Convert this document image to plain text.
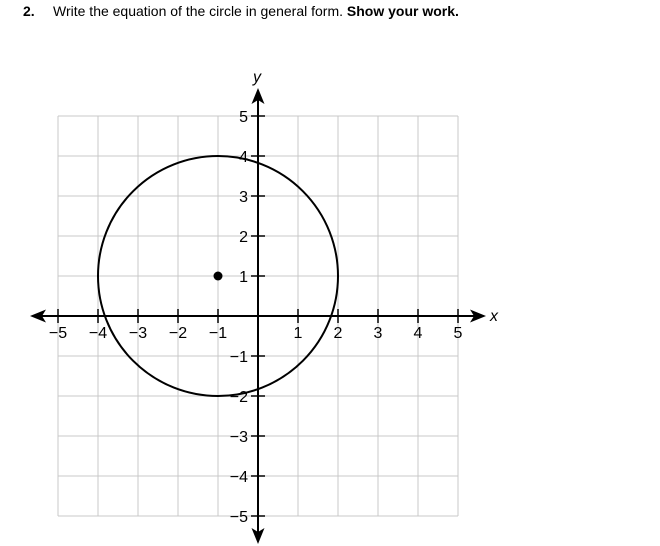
2. Write the equation of the circle in general form. Show your work.
x
y
−5 −4 −3 −2 −1	1 2 3 4 5
5
4
3
2
1
−1
−2
−3
−4
−5
